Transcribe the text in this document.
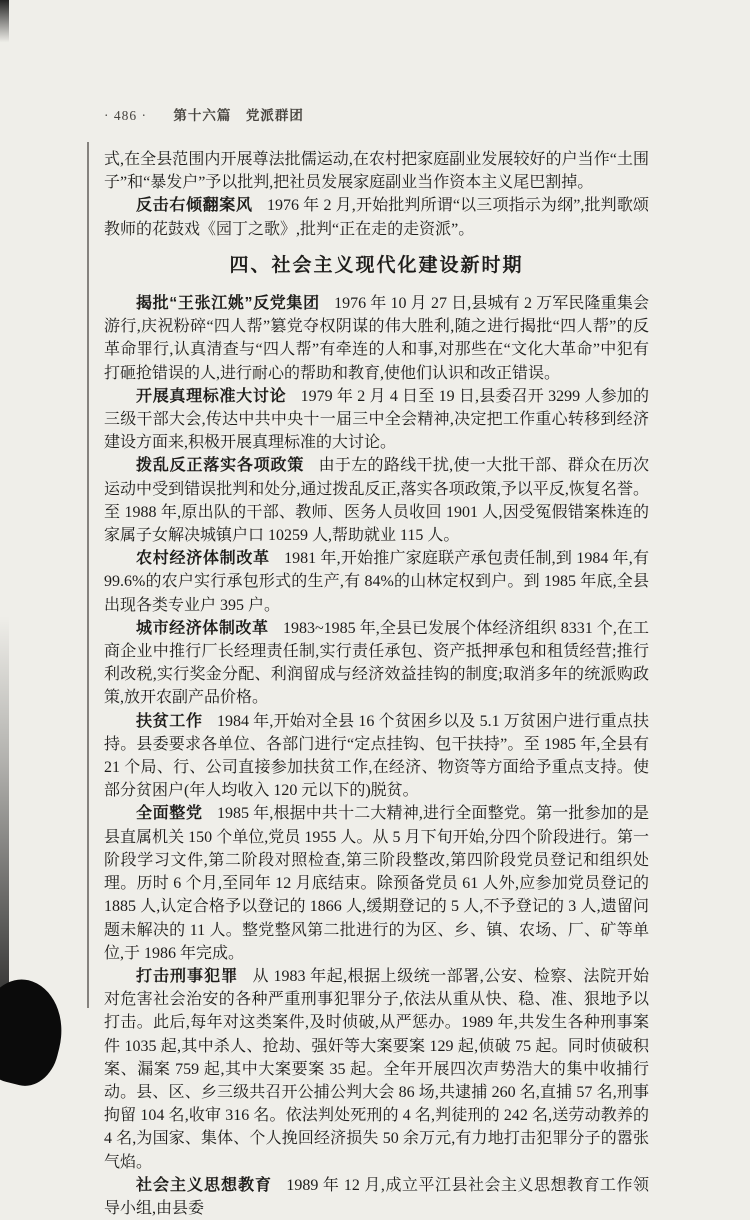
· 486 · 第十六篇　党派群团

式,在全县范围内开展尊法批儒运动,在农村把家庭副业发展较好的户当作“土围子”和“暴发户”予以批判,把社员发展家庭副业当作资本主义尾巴割掉。

反击右倾翻案风 1976 年 2 月,开始批判所谓“以三项指示为纲”,批判歌颂教师的花鼓戏《园丁之歌》,批判“正在走的走资派”。

四、社会主义现代化建设新时期

揭批“王张江姚”反党集团 1976 年 10 月 27 日,县城有 2 万军民隆重集会游行,庆祝粉碎“四人帮”篡党夺权阴谋的伟大胜利,随之进行揭批“四人帮”的反革命罪行,认真清查与“四人帮”有牵连的人和事,对那些在“文化大革命”中犯有打砸抢错误的人,进行耐心的帮助和教育,使他们认识和改正错误。

开展真理标准大讨论 1979 年 2 月 4 日至 19 日,县委召开 3299 人参加的三级干部大会,传达中共中央十一届三中全会精神,决定把工作重心转移到经济建设方面来,积极开展真理标准的大讨论。

拨乱反正落实各项政策 由于左的路线干扰,使一大批干部、群众在历次运动中受到错误批判和处分,通过拨乱反正,落实各项政策,予以平反,恢复名誉。至 1988 年,原出队的干部、教师、医务人员收回 1901 人,因受冤假错案株连的家属子女解决城镇户口 10259 人,帮助就业 115 人。

农村经济体制改革 1981 年,开始推广家庭联产承包责任制,到 1984 年,有 99.6%的农户实行承包形式的生产,有 84%的山林定权到户。到 1985 年底,全县出现各类专业户 395 户。

城市经济体制改革 1983~1985 年,全县已发展个体经济组织 8331 个,在工商企业中推行厂长经理责任制,实行责任承包、资产抵押承包和租赁经营;推行利改税,实行奖金分配、利润留成与经济效益挂钩的制度;取消多年的统派购政策,放开农副产品价格。

扶贫工作 1984 年,开始对全县 16 个贫困乡以及 5.1 万贫困户进行重点扶持。县委要求各单位、各部门进行“定点挂钩、包干扶持”。至 1985 年,全县有 21 个局、行、公司直接参加扶贫工作,在经济、物资等方面给予重点支持。使部分贫困户(年人均收入 120 元以下的)脱贫。

全面整党 1985 年,根据中共十二大精神,进行全面整党。第一批参加的是县直属机关 150 个单位,党员 1955 人。从 5 月下旬开始,分四个阶段进行。第一阶段学习文件,第二阶段对照检查,第三阶段整改,第四阶段党员登记和组织处理。历时 6 个月,至同年 12 月底结束。除预备党员 61 人外,应参加党员登记的 1885 人,认定合格予以登记的 1866 人,缓期登记的 5 人,不予登记的 3 人,遗留问题未解决的 11 人。整党整风第二批进行的为区、乡、镇、农场、厂、矿等单位,于 1986 年完成。

打击刑事犯罪 从 1983 年起,根据上级统一部署,公安、检察、法院开始对危害社会治安的各种严重刑事犯罪分子,依法从重从快、稳、准、狠地予以打击。此后,每年对这类案件,及时侦破,从严惩办。1989 年,共发生各种刑事案件 1035 起,其中杀人、抢劫、强奸等大案要案 129 起,侦破 75 起。同时侦破积案、漏案 759 起,其中大案要案 35 起。全年开展四次声势浩大的集中收捕行动。县、区、乡三级共召开公捕公判大会 86 场,共逮捕 260 名,直捕 57 名,刑事拘留 104 名,收审 316 名。依法判处死刑的 4 名,判徒刑的 242 名,送劳动教养的 4 名,为国家、集体、个人挽回经济损失 50 余万元,有力地打击犯罪分子的嚣张气焰。

社会主义思想教育 1989 年 12 月,成立平江县社会主义思想教育工作领导小组,由县委
